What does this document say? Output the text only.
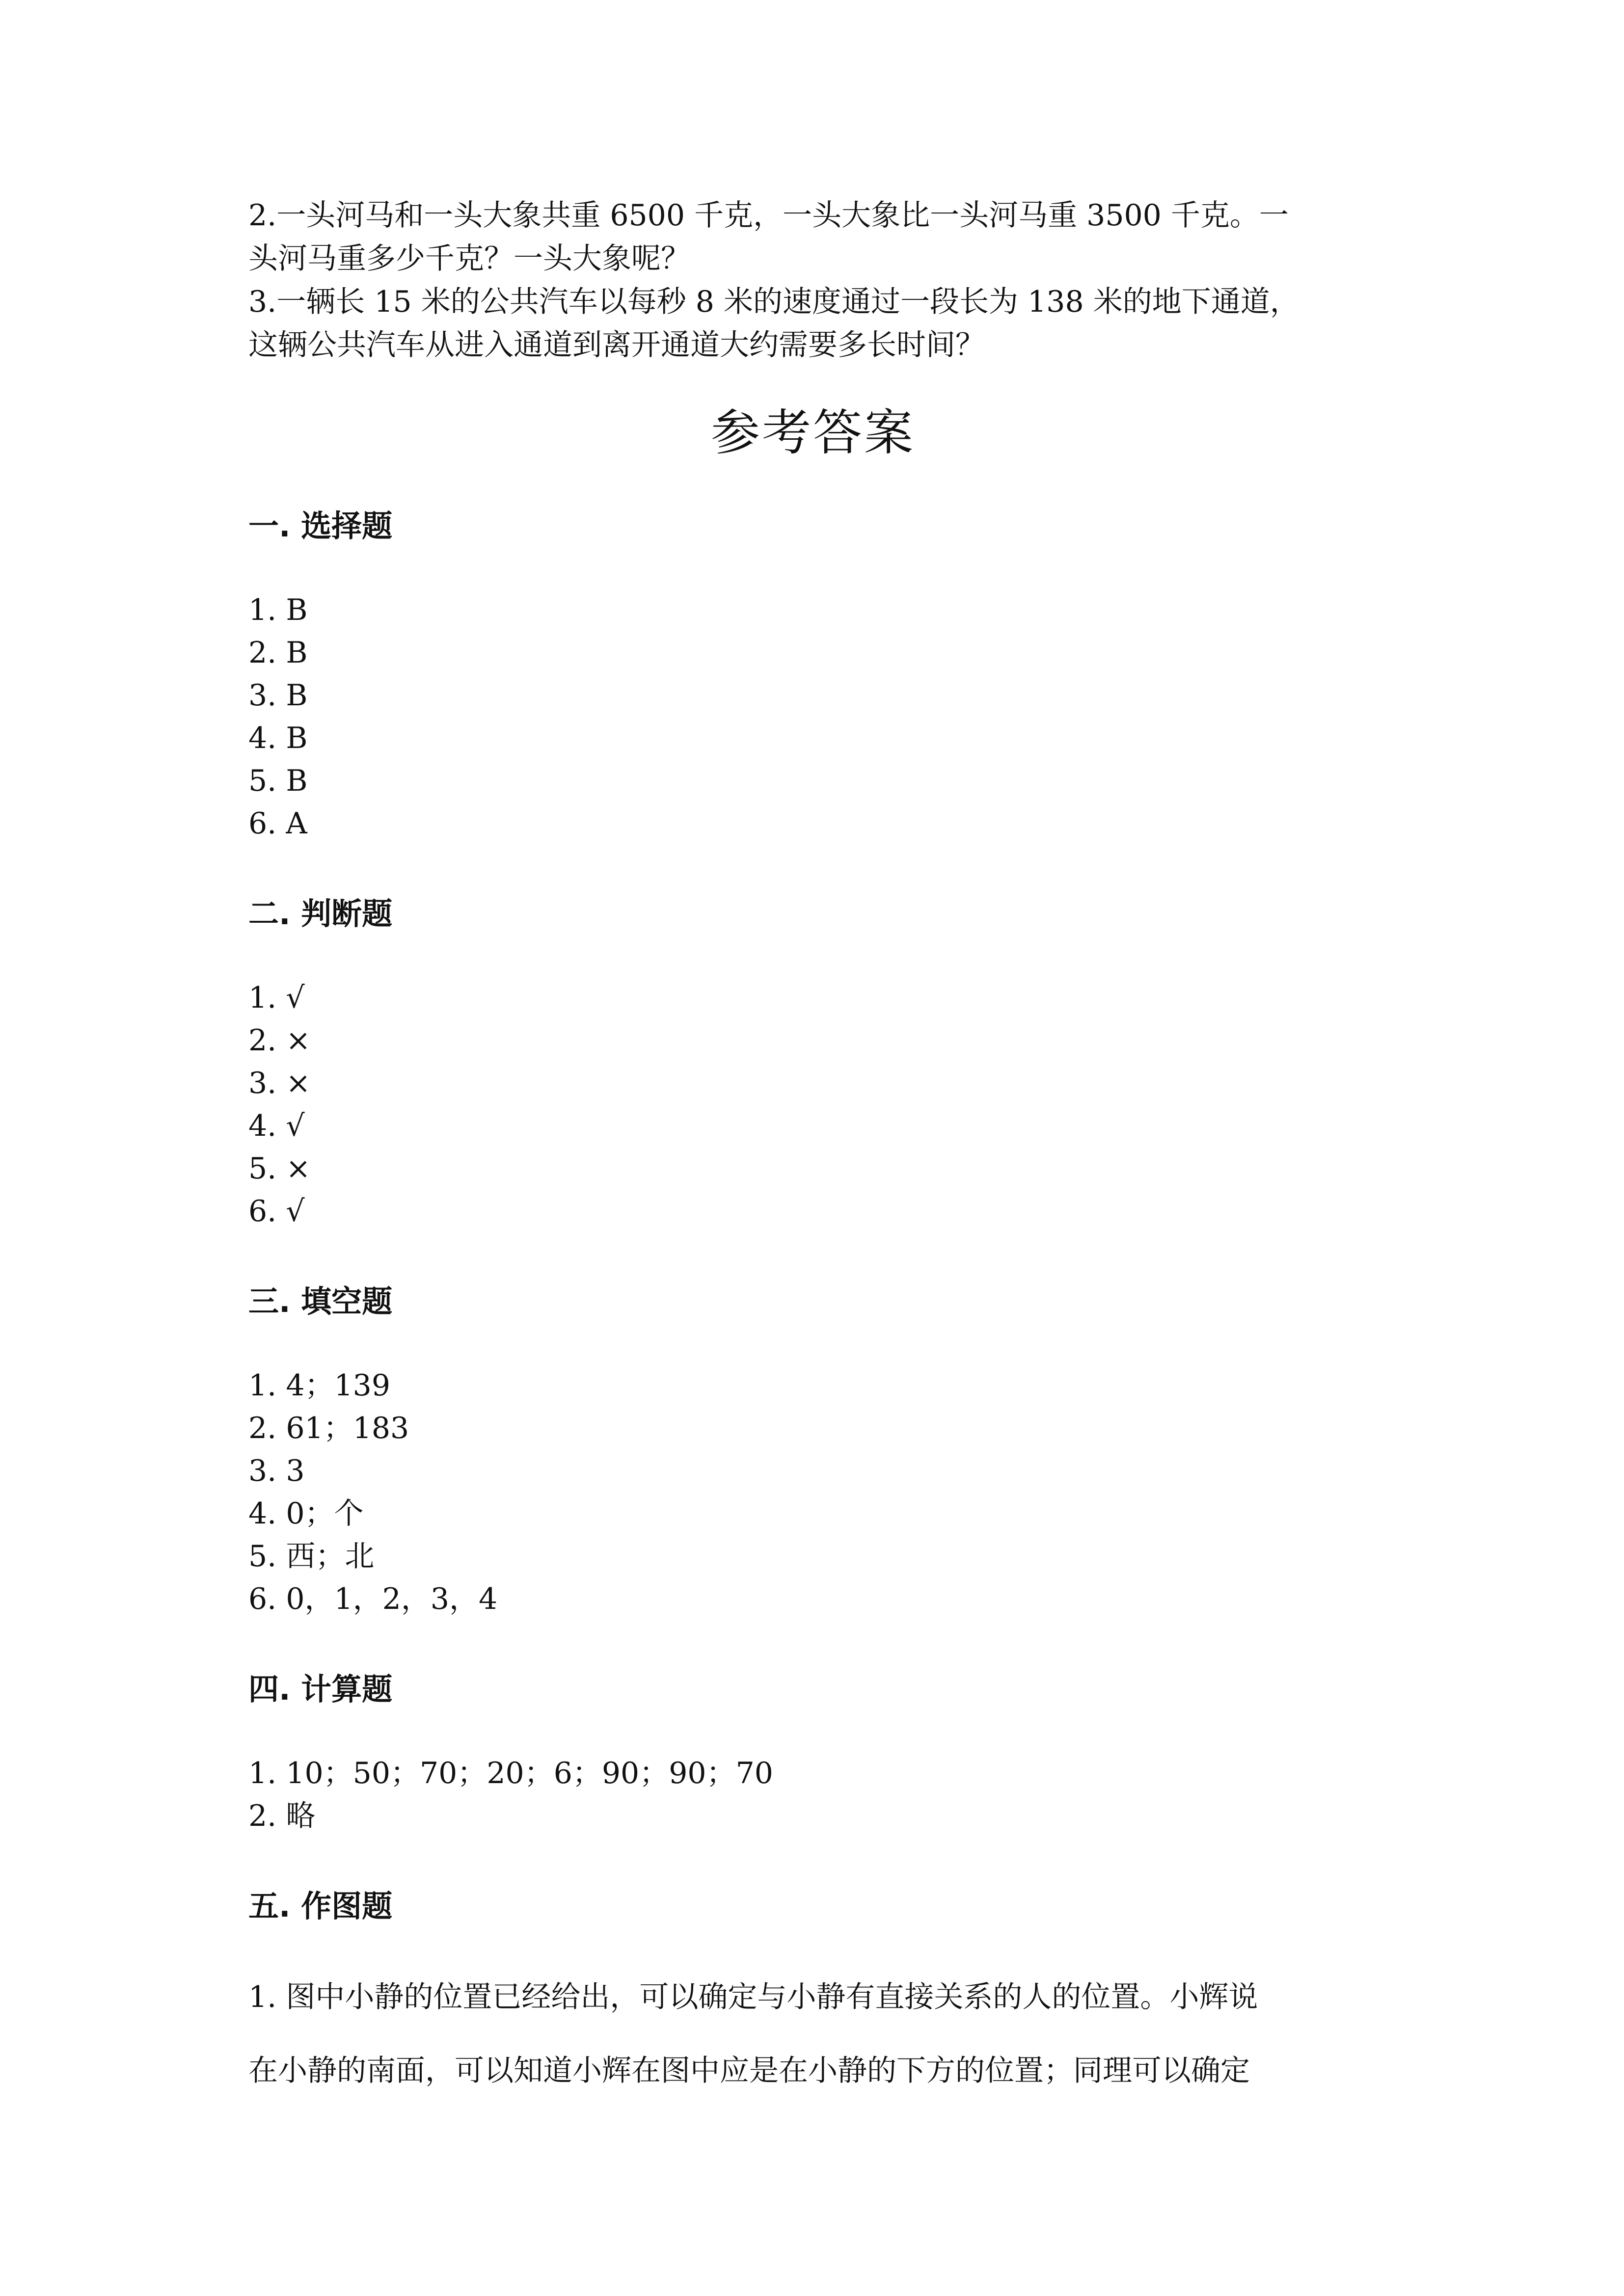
2.一头河马和一头大象共重 6500 千克，一头大象比一头河马重 3500 千克。一

头河马重多少千克？一头大象呢？

3.一辆长 15 米的公共汽车以每秒 8 米的速度通过一段长为 138 米的地下通道，

这辆公共汽车从进入通道到离开通道大约需要多长时间？

参考答案
一. 选择题
1. B
2. B
3. B
4. B
5. B
6. A
二. 判断题
1. √
2. ×
3. ×
4. √
5. ×
6. √
三. 填空题
1. 4；139
2. 61；183
3. 3
4. 0；个
5. 西；北
6. 0，1，2，3，4
四. 计算题
1. 10；50；70；20；6；90；90；70
2. 略
五. 作图题

1. 图中小静的位置已经给出，可以确定与小静有直接关系的人的位置。小辉说
在小静的南面，可以知道小辉在图中应是在小静的下方的位置；同理可以确定
